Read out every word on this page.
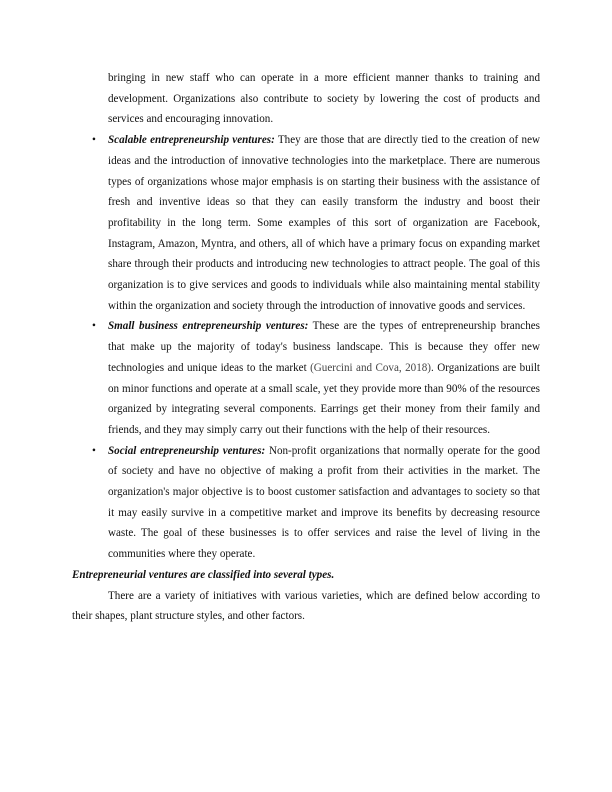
bringing in new staff who can operate in a more efficient manner thanks to training and development. Organizations also contribute to society by lowering the cost of products and services and encouraging innovation.

• Scalable entrepreneurship ventures: They are those that are directly tied to the creation of new ideas and the introduction of innovative technologies into the marketplace. There are numerous types of organizations whose major emphasis is on starting their business with the assistance of fresh and inventive ideas so that they can easily transform the industry and boost their profitability in the long term. Some examples of this sort of organization are Facebook, Instagram, Amazon, Myntra, and others, all of which have a primary focus on expanding market share through their products and introducing new technologies to attract people. The goal of this organization is to give services and goods to individuals while also maintaining mental stability within the organization and society through the introduction of innovative goods and services.
• Small business entrepreneurship ventures: These are the types of entrepreneurship branches that make up the majority of today's business landscape. This is because they offer new technologies and unique ideas to the market (Guercini and Cova, 2018). Organizations are built on minor functions and operate at a small scale, yet they provide more than 90% of the resources organized by integrating several components. Earrings get their money from their family and friends, and they may simply carry out their functions with the help of their resources.
• Social entrepreneurship ventures: Non-profit organizations that normally operate for the good of society and have no objective of making a profit from their activities in the market. The organization's major objective is to boost customer satisfaction and advantages to society so that it may easily survive in a competitive market and improve its benefits by decreasing resource waste. The goal of these businesses is to offer services and raise the level of living in the communities where they operate.

Entrepreneurial ventures are classified into several types.

There are a variety of initiatives with various varieties, which are defined below according to their shapes, plant structure styles, and other factors.
